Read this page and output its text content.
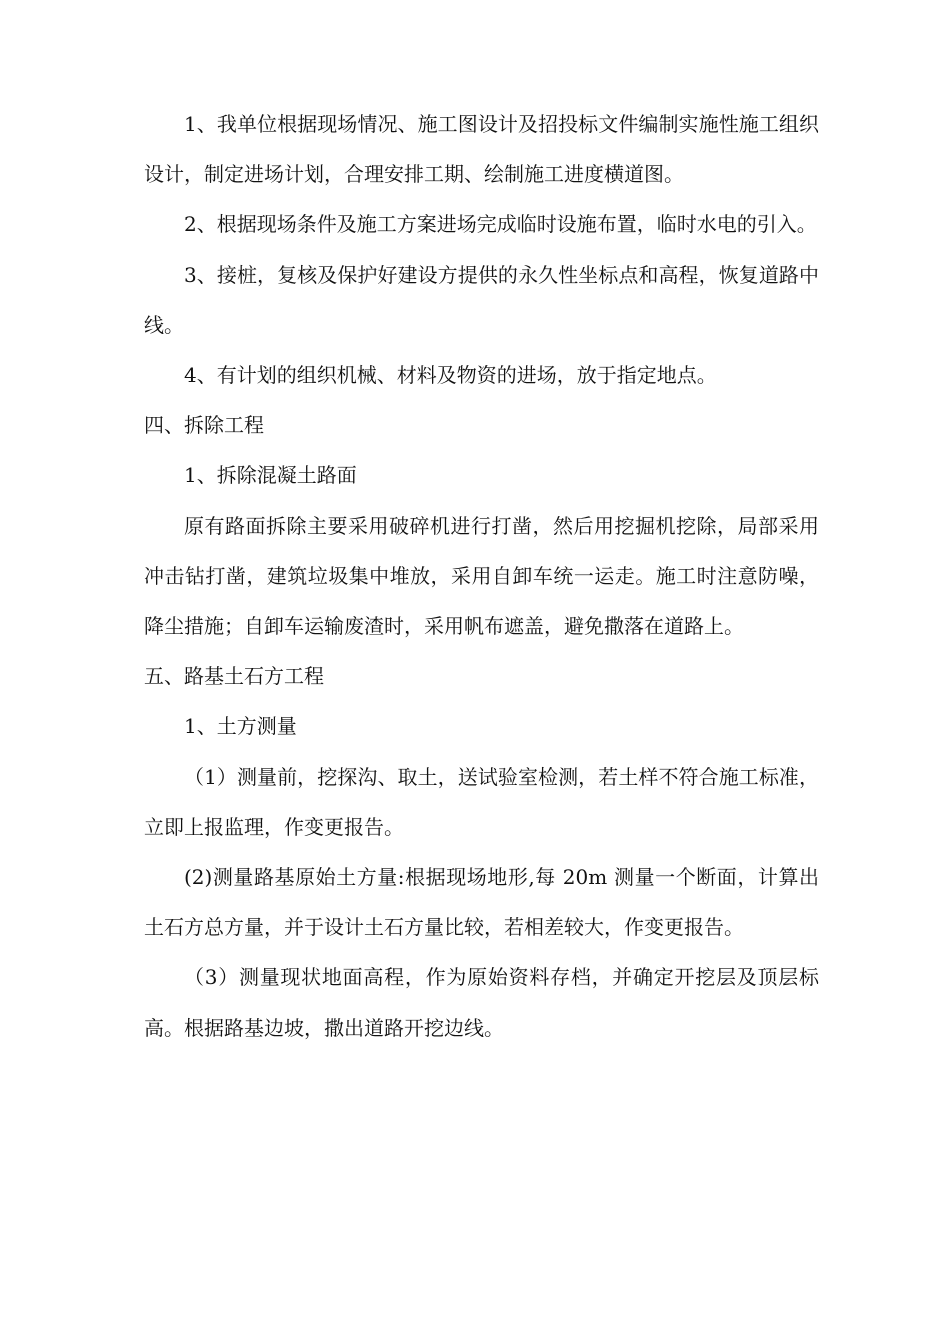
1、我单位根据现场情况、施工图设计及招投标文件编制实施性施工组织设计，制定进场计划，合理安排工期、绘制施工进度横道图。

2、根据现场条件及施工方案进场完成临时设施布置，临时水电的引入。

3、接桩，复核及保护好建设方提供的永久性坐标点和高程，恢复道路中线。

4、有计划的组织机械、材料及物资的进场，放于指定地点。

四、拆除工程

1、拆除混凝土路面

原有路面拆除主要采用破碎机进行打凿，然后用挖掘机挖除，局部采用冲击钻打凿，建筑垃圾集中堆放，采用自卸车统一运走。施工时注意防噪，降尘措施；自卸车运输废渣时，采用帆布遮盖，避免撒落在道路上。

五、路基土石方工程

1、土方测量

（1）测量前，挖探沟、取土，送试验室检测，若土样不符合施工标准，立即上报监理，作变更报告。

(2)测量路基原始土方量:根据现场地形,每 20m 测量一个断面，计算出土石方总方量，并于设计土石方量比较，若相差较大，作变更报告。

（3）测量现状地面高程，作为原始资料存档，并确定开挖层及顶层标高。根据路基边坡，撒出道路开挖边线。
